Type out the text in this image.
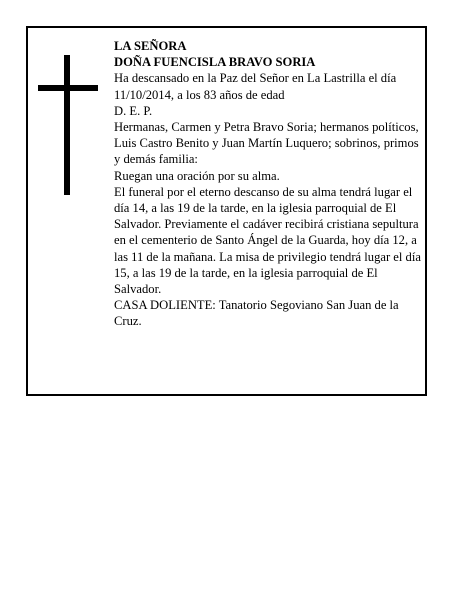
LA SEÑORA

DOÑA FUENCISLA BRAVO SORIA

Ha descansado en la Paz del Señor en La Lastrilla el día 11/10/2014, a los 83 años de edad

D. E. P.

Hermanas, Carmen y Petra Bravo Soria; hermanos políticos, Luis Castro Benito y Juan Martín Luquero; sobrinos, primos y demás familia:

Ruegan una oración por su alma.

El funeral por el eterno descanso de su alma tendrá lugar el día 14, a las 19 de la tarde, en la iglesia parroquial de El Salvador. Previamente el cadáver recibirá cristiana sepultura en el cementerio de Santo Ángel de la Guarda, hoy día 12, a las 11 de la mañana. La misa de privilegio tendrá lugar el día 15, a las 19 de la tarde, en la iglesia parroquial de El Salvador.

CASA DOLIENTE: Tanatorio Segoviano San Juan de la Cruz.
